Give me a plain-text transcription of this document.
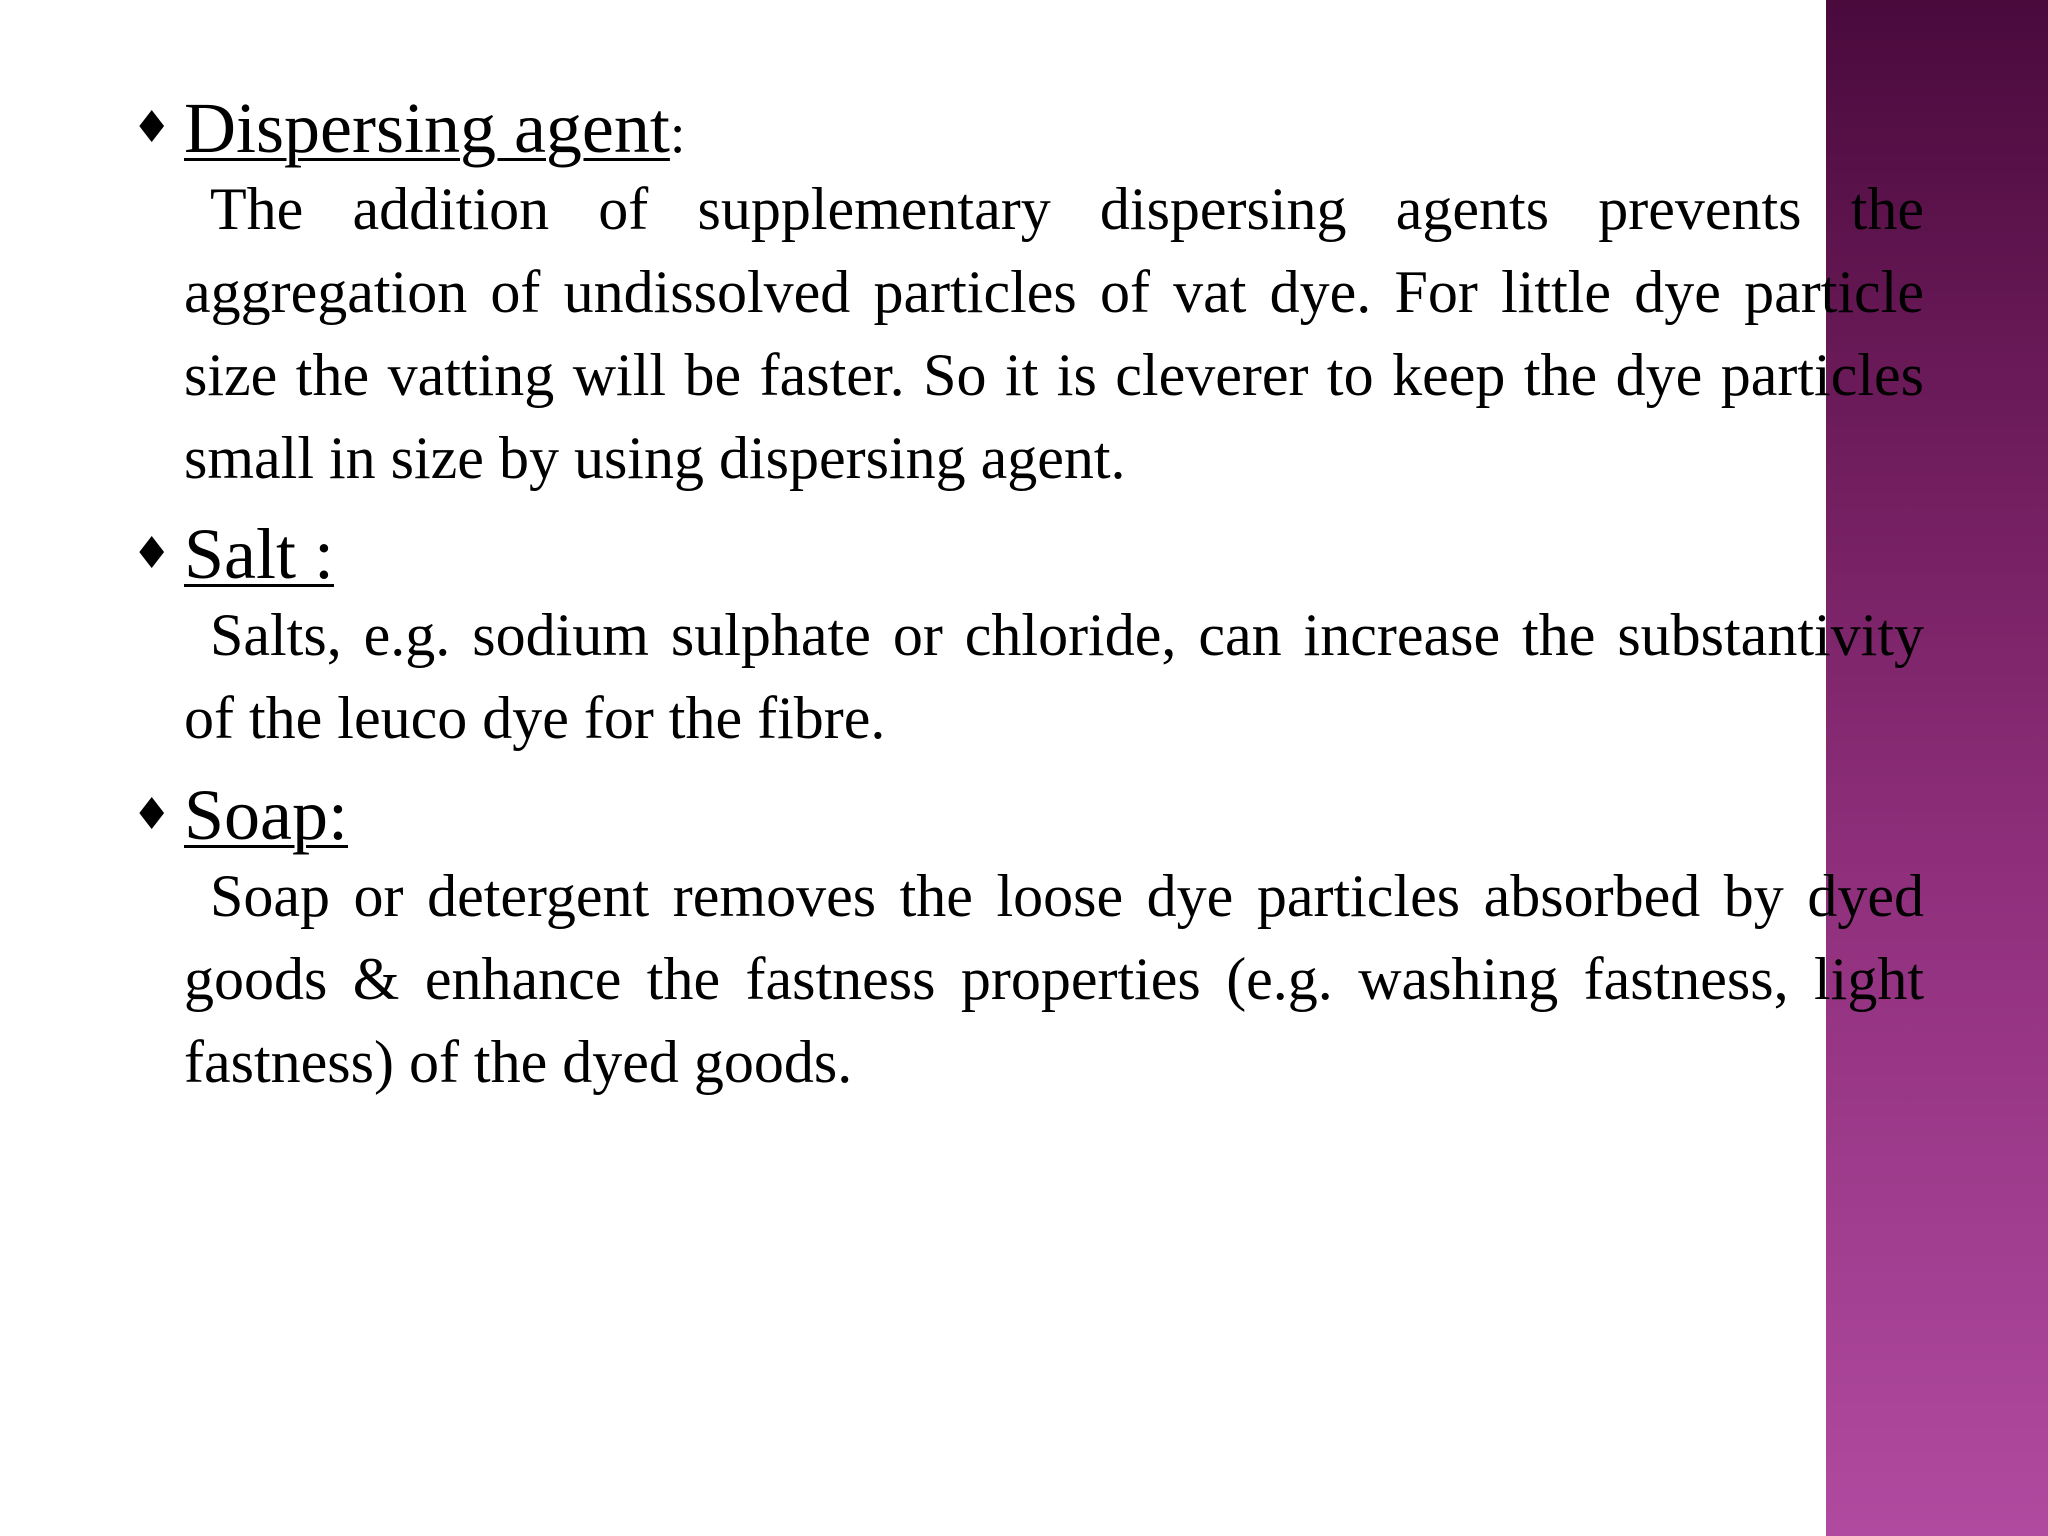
♦ Dispersing agent:
The addition of supplementary dispersing agents prevents the aggregation of undissolved particles of vat dye. For little dye particle size the vatting will be faster. So it is cleverer to keep the dye particles small in size by using dispersing agent.
♦ Salt :
Salts, e.g. sodium sulphate or chloride, can increase the substantivity of the leuco dye for the fibre.
♦ Soap:
Soap or detergent removes the loose dye particles absorbed by dyed goods & enhance the fastness properties (e.g. washing fastness, light fastness) of the dyed goods.
